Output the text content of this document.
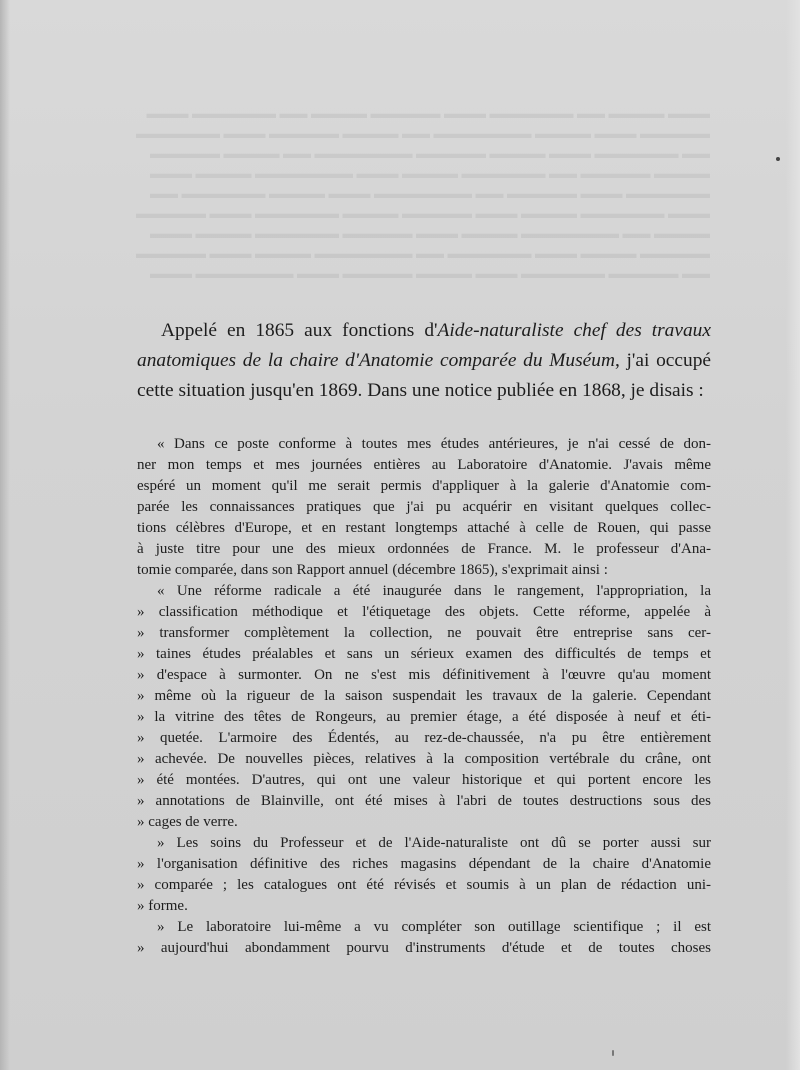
▬▬▬ ▬▬▬▬ ▬▬ ▬▬▬▬▬▬ ▬▬▬ ▬▬▬▬▬ ▬▬▬▬ ▬▬ ▬▬▬▬▬▬ ▬▬▬
▬▬▬▬▬ ▬▬▬ ▬▬▬▬ ▬▬▬▬▬▬▬ ▬▬ ▬▬▬▬ ▬▬▬▬▬ ▬▬▬ ▬▬▬▬▬▬
▬▬ ▬▬▬▬▬▬ ▬▬▬ ▬▬▬▬ ▬▬▬▬▬ ▬▬▬▬▬▬▬ ▬▬ ▬▬▬▬ ▬▬▬▬▬
▬▬▬▬ ▬▬▬▬▬ ▬▬ ▬▬▬▬▬▬ ▬▬▬▬ ▬▬▬ ▬▬▬▬▬▬▬ ▬▬▬▬ ▬▬▬
▬▬▬▬▬▬ ▬▬▬ ▬▬▬▬▬ ▬▬ ▬▬▬▬▬▬▬ ▬▬▬ ▬▬▬▬ ▬▬▬▬▬▬ ▬▬
▬▬▬ ▬▬▬▬▬▬ ▬▬▬▬ ▬▬▬ ▬▬▬▬▬ ▬▬▬▬ ▬▬▬▬▬▬ ▬▬▬ ▬▬▬▬▬
▬▬▬▬ ▬▬ ▬▬▬▬▬▬▬ ▬▬▬▬ ▬▬▬ ▬▬▬▬▬ ▬▬▬▬▬▬ ▬▬▬▬ ▬▬▬
▬▬▬▬▬ ▬▬▬▬ ▬▬▬ ▬▬▬▬▬▬ ▬▬ ▬▬▬▬▬▬▬ ▬▬▬▬ ▬▬▬ ▬▬▬▬▬
▬▬ ▬▬▬▬▬ ▬▬▬▬▬▬ ▬▬▬ ▬▬▬▬ ▬▬▬▬▬ ▬▬▬ ▬▬▬▬▬▬▬ ▬▬▬

Appelé en 1865 aux fonctions d'Aide-naturaliste chef des travaux anatomiques de la chaire d'Anatomie comparée du Muséum, j'ai occupé cette situation jusqu'en 1869. Dans une notice publiée en 1868, je disais :

« Dans ce poste conforme à toutes mes études antérieures, je n'ai cessé de don-

ner mon temps et mes journées entières au Laboratoire d'Anatomie. J'avais même

espéré un moment qu'il me serait permis d'appliquer à la galerie d'Anatomie com-

parée les connaissances pratiques que j'ai pu acquérir en visitant quelques collec-

tions célèbres d'Europe, et en restant longtemps attaché à celle de Rouen, qui passe

à juste titre pour une des mieux ordonnées de France. M. le professeur d'Ana-

tomie comparée, dans son Rapport annuel (décembre 1865), s'exprimait ainsi :

« Une réforme radicale a été inaugurée dans le rangement, l'appropriation, la

» classification méthodique et l'étiquetage des objets. Cette réforme, appelée à

» transformer complètement la collection, ne pouvait être entreprise sans cer-

» taines études préalables et sans un sérieux examen des difficultés de temps et

» d'espace à surmonter. On ne s'est mis définitivement à l'œuvre qu'au moment

» même où la rigueur de la saison suspendait les travaux de la galerie. Cependant

» la vitrine des têtes de Rongeurs, au premier étage, a été disposée à neuf et éti-

» quetée. L'armoire des Édentés, au rez-de-chaussée, n'a pu être entièrement

» achevée. De nouvelles pièces, relatives à la composition vertébrale du crâne, ont

» été montées. D'autres, qui ont une valeur historique et qui portent encore les

» annotations de Blainville, ont été mises à l'abri de toutes destructions sous des

» cages de verre.

» Les soins du Professeur et de l'Aide-naturaliste ont dû se porter aussi sur

» l'organisation définitive des riches magasins dépendant de la chaire d'Anatomie

» comparée ; les catalogues ont été révisés et soumis à un plan de rédaction uni-

» forme.

» Le laboratoire lui-même a vu compléter son outillage scientifique ; il est

» aujourd'hui abondamment pourvu d'instruments d'étude et de toutes choses
